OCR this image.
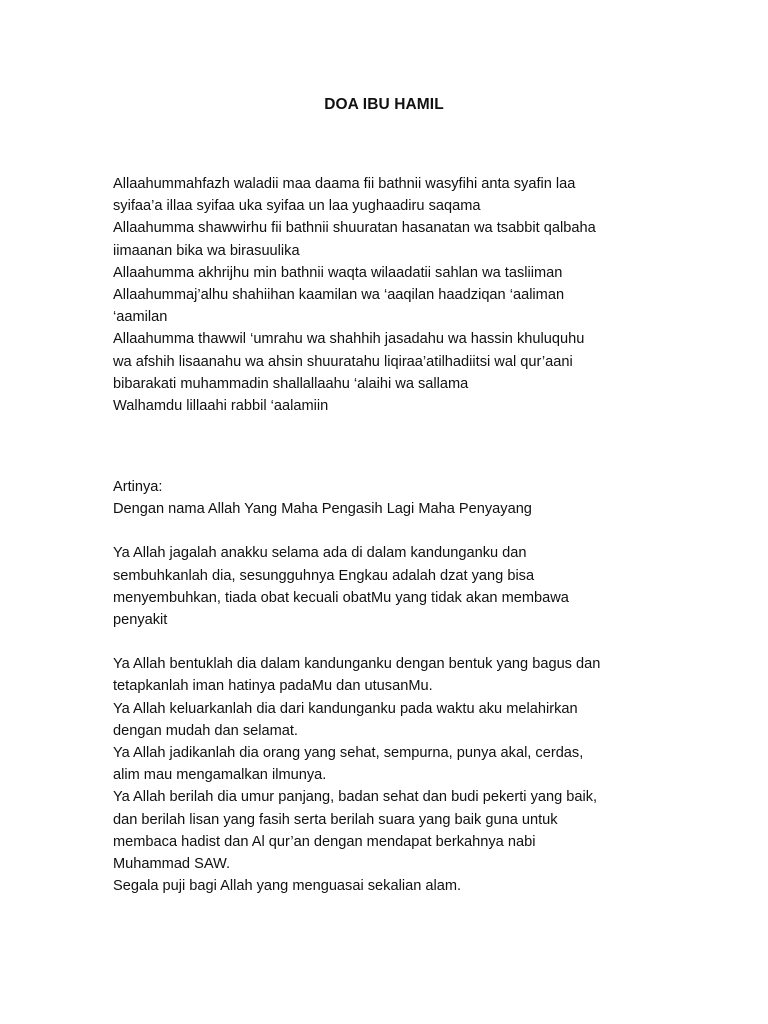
DOA IBU HAMIL
Allaahummahfazh waladii maa daama fii bathnii wasyfihi anta syafin laa
syifaa’a illaa syifaa uka syifaa un laa yughaadiru saqama
Allaahumma shawwirhu fii bathnii shuuratan hasanatan wa tsabbit qalbaha
iimaanan bika wa birasuulika
Allaahumma akhrijhu min bathnii waqta wilaadatii sahlan wa tasliiman
Allaahummaj’alhu shahiihan kaamilan wa ‘aaqilan haadziqan ‘aaliman
‘aamilan
Allaahumma thawwil ‘umrahu wa shahhih jasadahu wa hassin khuluquhu
wa afshih lisaanahu wa ahsin shuuratahu liqiraa’atilhadiitsi wal qur’aani
bibarakati muhammadin shallallaahu ‘alaihi wa sallama
Walhamdu lillaahi rabbil ‘aalamiin
Artinya:
Dengan nama Allah Yang Maha Pengasih Lagi Maha Penyayang
Ya Allah jagalah anakku selama ada di dalam kandunganku dan
sembuhkanlah dia, sesungguhnya Engkau adalah dzat yang bisa
menyembuhkan, tiada obat kecuali obatMu yang tidak akan membawa
penyakit
Ya Allah bentuklah dia dalam kandunganku dengan bentuk yang bagus dan
tetapkanlah iman hatinya padaMu dan utusanMu.
Ya Allah keluarkanlah dia dari kandunganku pada waktu aku melahirkan
dengan mudah dan selamat.
Ya Allah jadikanlah dia orang yang sehat, sempurna, punya akal, cerdas,
alim mau mengamalkan ilmunya.
Ya Allah berilah dia umur panjang, badan sehat dan budi pekerti yang baik,
dan berilah lisan yang fasih serta berilah suara yang baik guna untuk
membaca hadist dan Al qur’an dengan mendapat berkahnya nabi
Muhammad SAW.
Segala puji bagi Allah yang menguasai sekalian alam.
